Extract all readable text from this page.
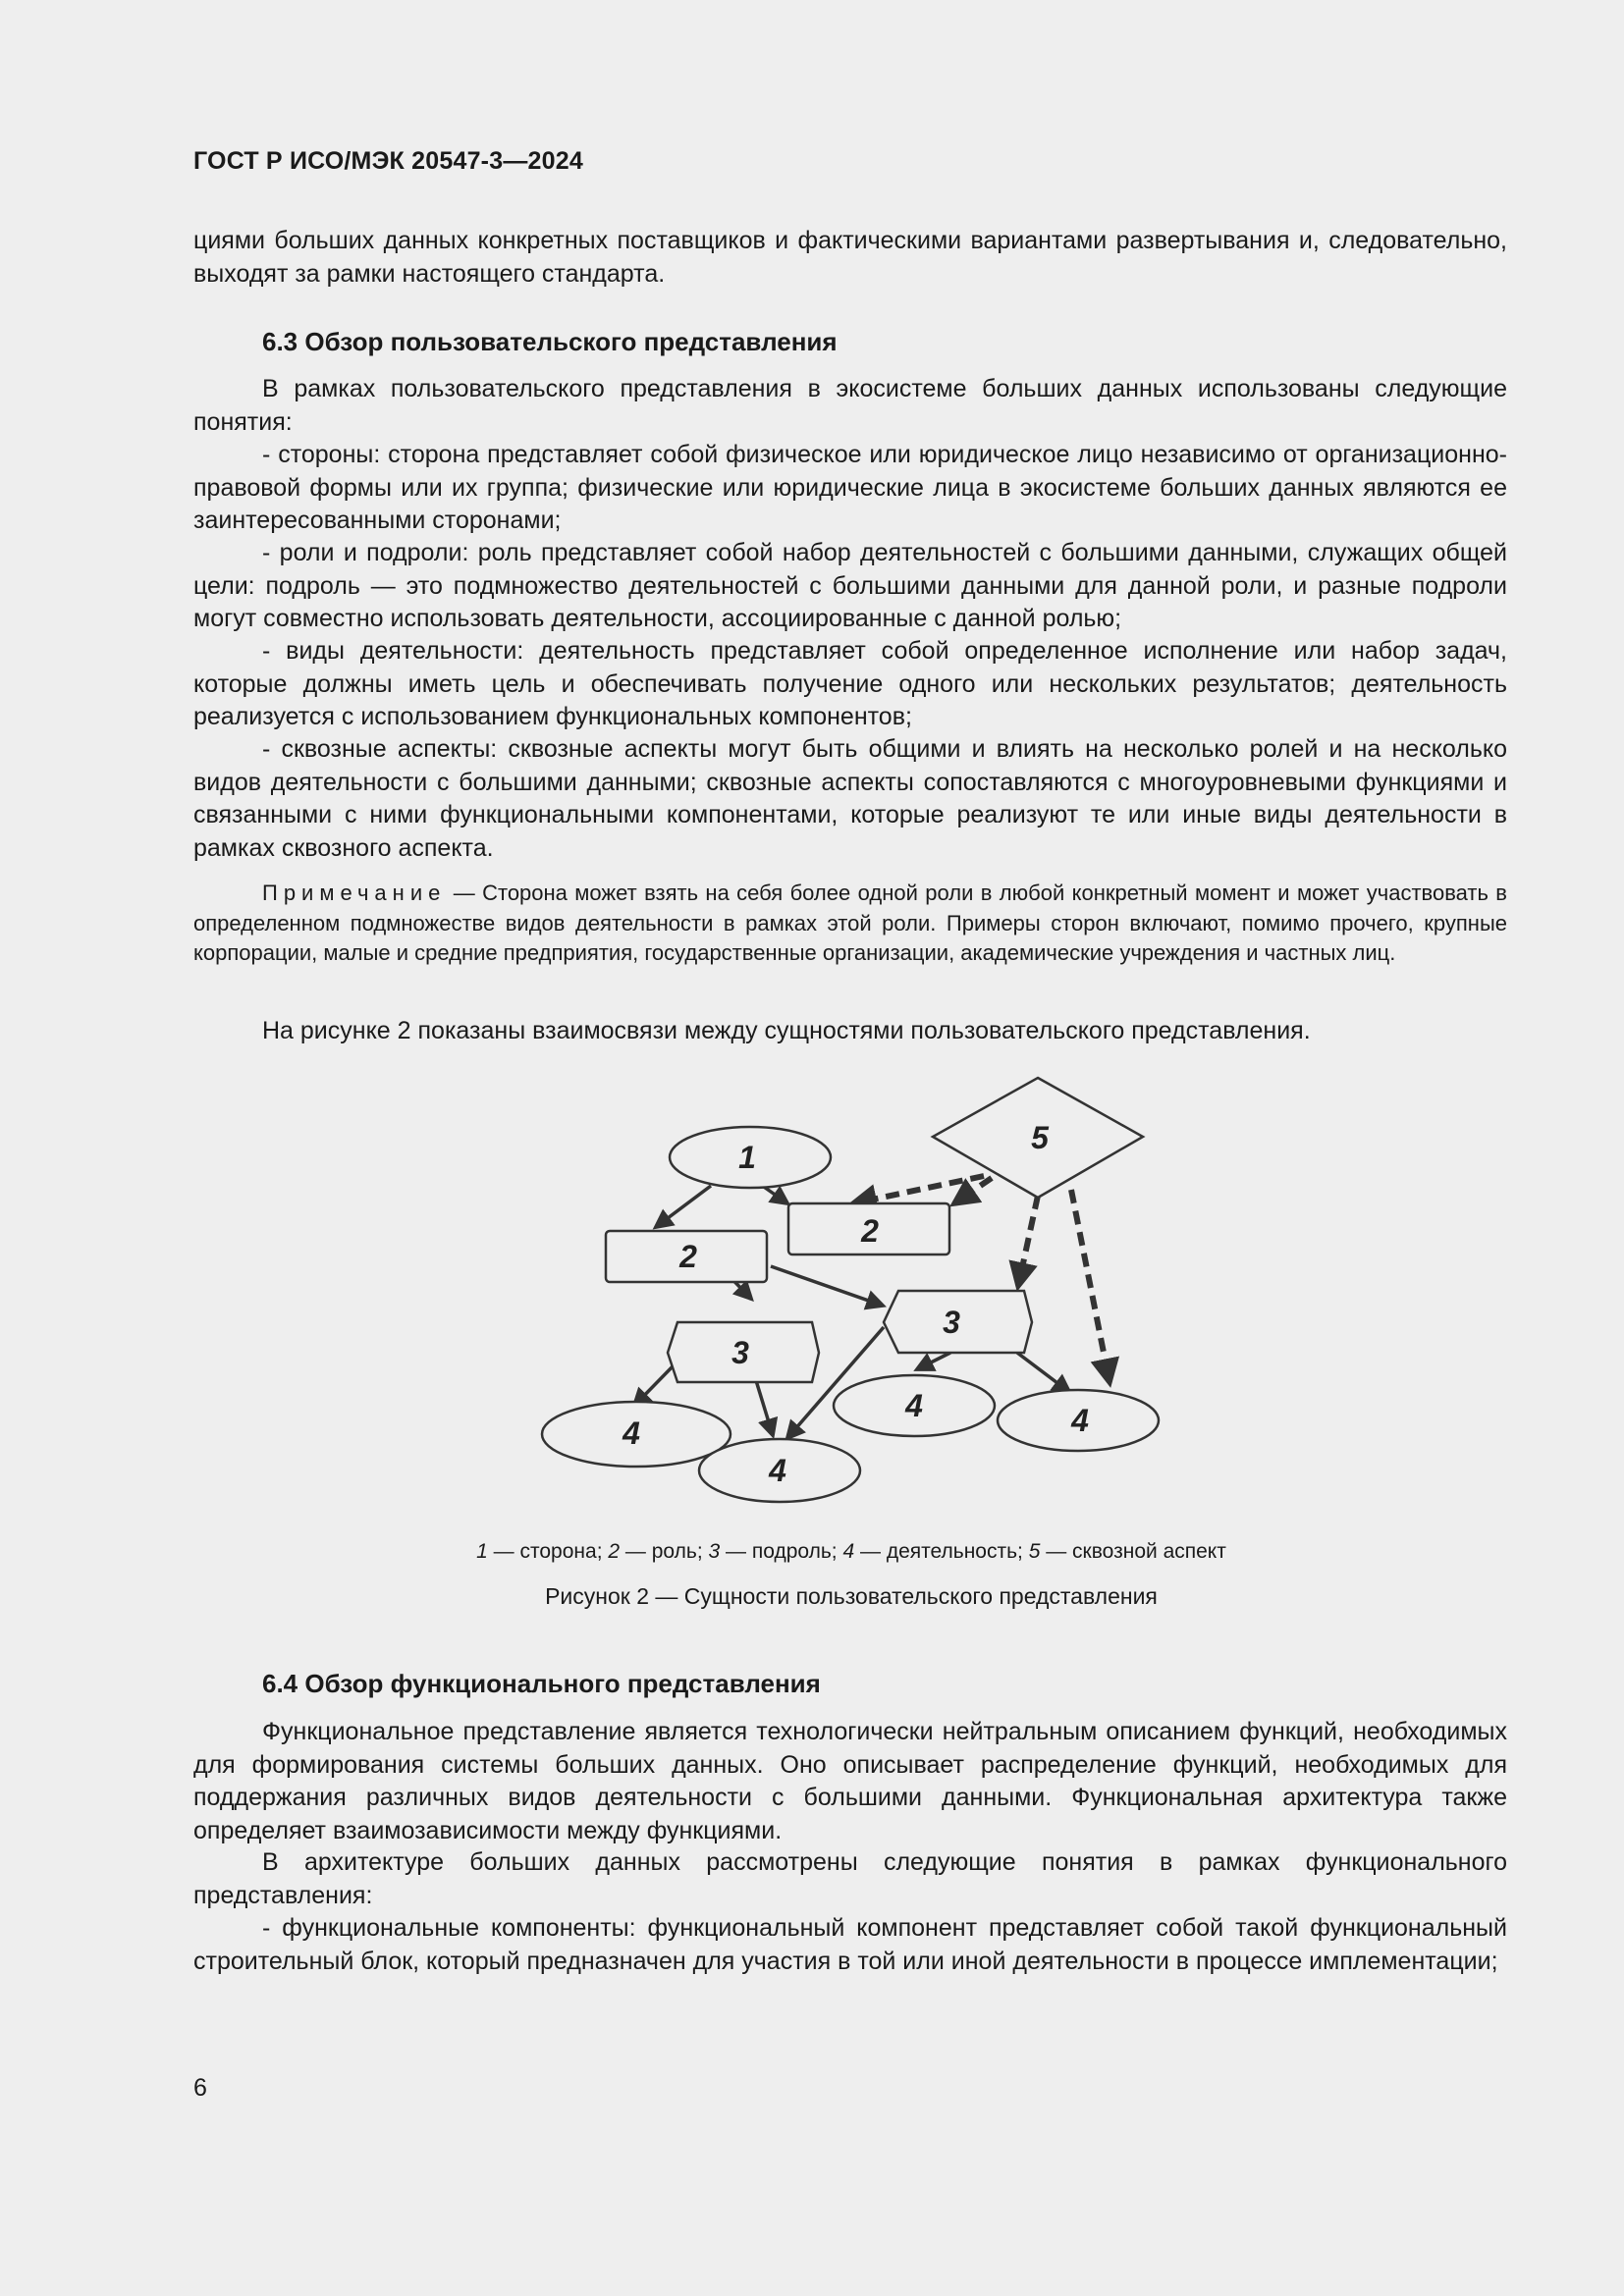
ГОСТ Р ИСО/МЭК 20547-3—2024
циями больших данных конкретных поставщиков и фактическими вариантами развертывания и, следовательно, выходят за рамки настоящего стандарта.
6.3 Обзор пользовательского представления
В рамках пользовательского представления в экосистеме больших данных использованы следующие понятия:
- стороны: сторона представляет собой физическое или юридическое лицо независимо от организационно-правовой формы или их группа; физические или юридические лица в экосистеме больших данных являются ее заинтересованными сторонами;
- роли и подроли: роль представляет собой набор деятельностей с большими данными, служащих общей цели: подроль — это подмножество деятельностей с большими данными для данной роли, и разные подроли могут совместно использовать деятельности, ассоциированные с данной ролью;
- виды деятельности: деятельность представляет собой определенное исполнение или набор задач, которые должны иметь цель и обеспечивать получение одного или нескольких результатов; деятельность реализуется с использованием функциональных компонентов;
- сквозные аспекты: сквозные аспекты могут быть общими и влиять на несколько ролей и на несколько видов деятельности с большими данными; сквозные аспекты сопоставляются с многоуровневыми функциями и связанными с ними функциональными компонентами, которые реализуют те или иные виды деятельности в рамках сквозного аспекта.
Примечание — Сторона может взять на себя более одной роли в любой конкретный момент и может участвовать в определенном подмножестве видов деятельности в рамках этой роли. Примеры сторон включают, помимо прочего, крупные корпорации, малые и средние предприятия, государственные организации, академические учреждения и частных лиц.
На рисунке 2 показаны взаимосвязи между сущностями пользовательского представления.
1
5
2
2
3
3
4	4
4
4
1 — сторона; 2 — роль; 3 — подроль; 4 — деятельность; 5 — сквозной аспект
Рисунок 2 — Сущности пользовательского представления
6.4 Обзор функционального представления
Функциональное представление является технологически нейтральным описанием функций, необходимых для формирования системы больших данных. Оно описывает распределение функций, необходимых для поддержания различных видов деятельности с большими данными. Функциональная архитектура также определяет взаимозависимости между функциями.
В архитектуре больших данных рассмотрены следующие понятия в рамках функционального представления:
- функциональные компоненты: функциональный компонент представляет собой такой функциональный строительный блок, который предназначен для участия в той или иной деятельности в процессе имплементации;
6
